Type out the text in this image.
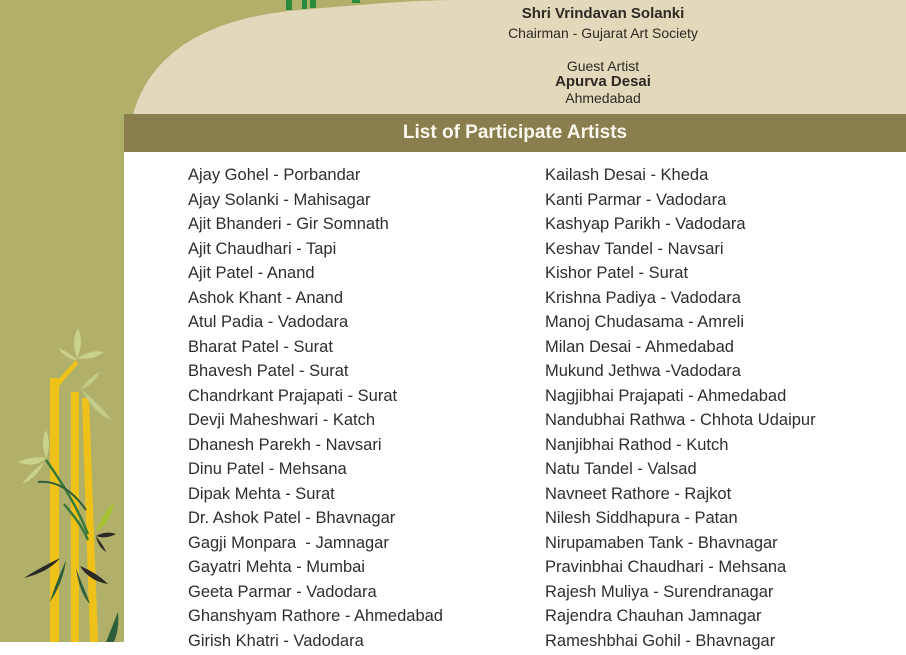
Shri Vrindavan Solanki
Chairman - Gujarat Art Society
Guest Artist
Apurva Desai
Ahmedabad
List of Participate Artists
Ajay Gohel - Porbandar
Ajay Solanki - Mahisagar
Ajit Bhanderi - Gir Somnath
Ajit Chaudhari - Tapi
Ajit Patel - Anand
Ashok Khant - Anand
Atul Padia - Vadodara
Bharat Patel - Surat
Bhavesh Patel - Surat
Chandrkant Prajapati - Surat
Devji Maheshwari - Katch
Dhanesh Parekh - Navsari
Dinu Patel - Mehsana
Dipak Mehta - Surat
Dr. Ashok Patel - Bhavnagar
Gagji Monpara  - Jamnagar
Gayatri Mehta - Mumbai
Geeta Parmar - Vadodara
Ghanshyam Rathore - Ahmedabad
Girish Khatri - Vadodara
Kailash Desai - Kheda
Kanti Parmar - Vadodara
Kashyap Parikh - Vadodara
Keshav Tandel - Navsari
Kishor Patel - Surat
Krishna Padiya - Vadodara
Manoj Chudasama - Amreli
Milan Desai - Ahmedabad
Mukund Jethwa -Vadodara
Nagjibhai Prajapati - Ahmedabad
Nandubhai Rathwa - Chhota Udaipur
Nanjibhai Rathod - Kutch
Natu Tandel - Valsad
Navneet Rathore - Rajkot
Nilesh Siddhapura - Patan
Nirupamaben Tank - Bhavnagar
Pravinbhai Chaudhari - Mehsana
Rajesh Muliya - Surendranagar
Rajendra Chauhan Jamnagar
Rameshbhai Gohil - Bhavnagar
